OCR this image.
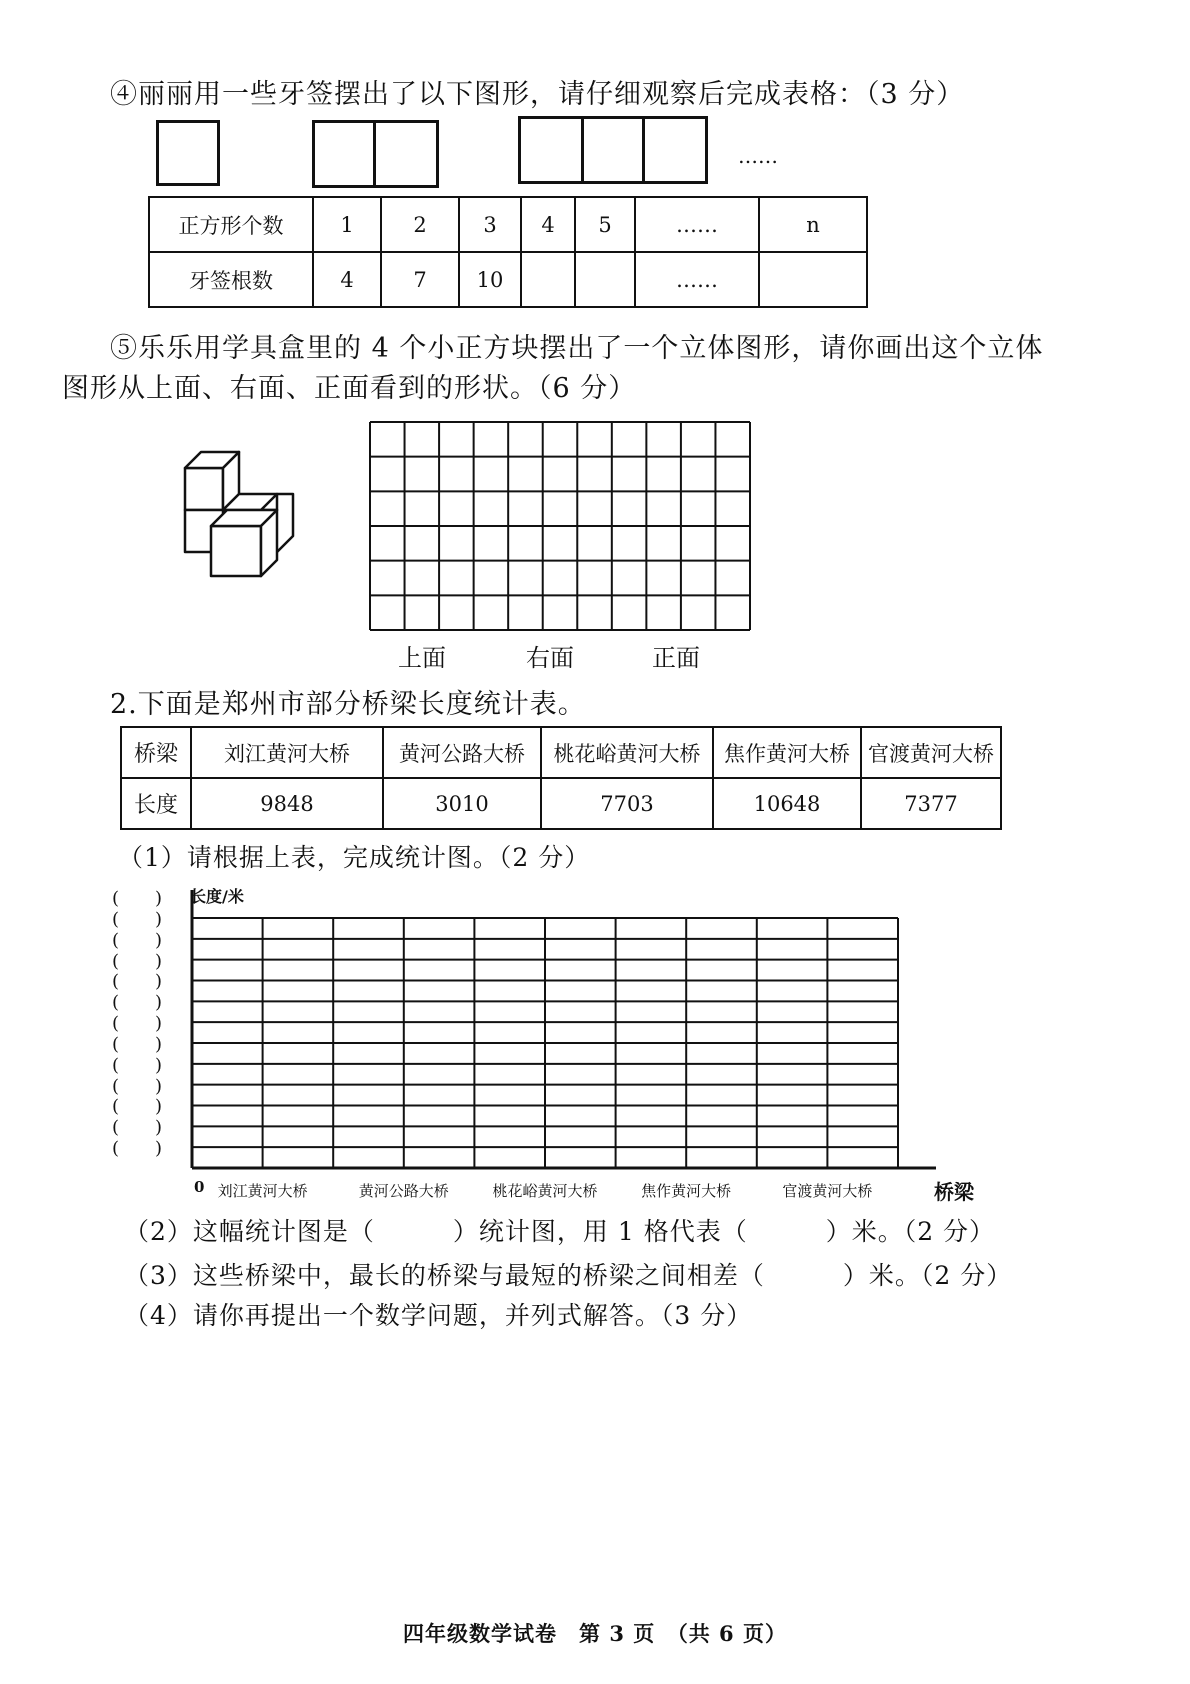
④丽丽用一些牙签摆出了以下图形，请仔细观察后完成表格：（3 分）
……
正方形个数	1	2	3	4	5	……	n
牙签根数	4	7	10			……	
⑤乐乐用学具盒里的 4 个小正方块摆出了一个立体图形，请你画出这个立体
图形从上面、右面、正面看到的形状。（6 分）
上面	右面	正面
2.下面是郑州市部分桥梁长度统计表。
桥梁	刘江黄河大桥	黄河公路大桥	桃花峪黄河大桥	焦作黄河大桥	官渡黄河大桥
长度	9848	3010	7703	10648	7377
（1）请根据上表，完成统计图。（2 分）
长度/米
(　　)
(　　)
(　　)
(　　)
(　　)
(　　)
(　　)
(　　)
(　　)
(　　)
(　　)
(　　)
(　　)
0 刘江黄河大桥	黄河公路大桥	桃花峪黄河大桥	焦作黄河大桥	官渡黄河大桥	桥梁
（2）这幅统计图是（　　　）统计图，用 1 格代表（　　　）米。（2 分）
（3）这些桥梁中，最长的桥梁与最短的桥梁之间相差（　　　）米。（2 分）
（4）请你再提出一个数学问题，并列式解答。（3 分）
四年级数学试卷　第 3 页　（共 6 页）
